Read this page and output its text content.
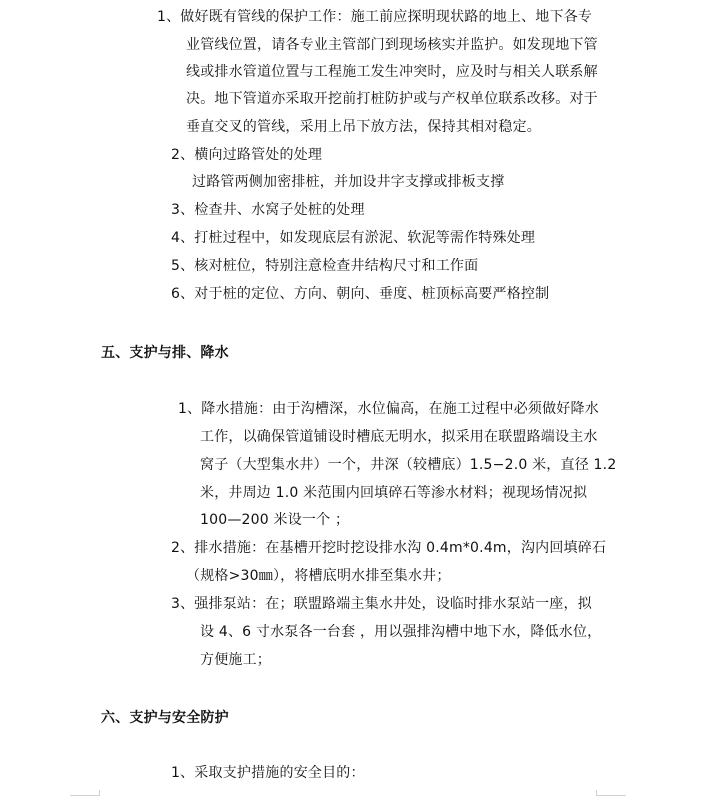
1、做好既有管线的保护工作：施工前应探明现状路的地上、地下各专
业管线位置，请各专业主管部门到现场核实并监护。如发现地下管
线或排水管道位置与工程施工发生冲突时，应及时与相关人联系解
决。地下管道亦采取开挖前打桩防护或与产权单位联系改移。对于
垂直交叉的管线，采用上吊下放方法，保持其相对稳定。
2、横向过路管处的处理
过路管两侧加密排桩，并加设井字支撑或排板支撑
3、检查井、水窝子处桩的处理
4、打桩过程中，如发现底层有淤泥、软泥等需作特殊处理
5、核对桩位，特别注意检查井结构尺寸和工作面
6、对于桩的定位、方向、朝向、垂度、桩顶标高要严格控制
五、支护与排、降水
1、降水措施：由于沟槽深，水位偏高，在施工过程中必须做好降水
工作，以确保管道铺设时槽底无明水，拟采用在联盟路端设主水
窝子（大型集水井）一个，井深（较槽底）1.5−2.0 米，直径 1.2
米，井周边 1.0 米范围内回填碎石等渗水材料；视现场情况拟
100—200 米设一个 ；
2、排水措施：在基槽开挖时挖设排水沟 0.4m*0.4m，沟内回填碎石
（规格>30㎜），将槽底明水排至集水井；
3、强排泵站：在；联盟路端主集水井处，设临时排水泵站一座，拟
设 4、6 寸水泵各一台套 ，用以强排沟槽中地下水，降低水位，
方便施工；
六、支护与安全防护
1、采取支护措施的安全目的：
